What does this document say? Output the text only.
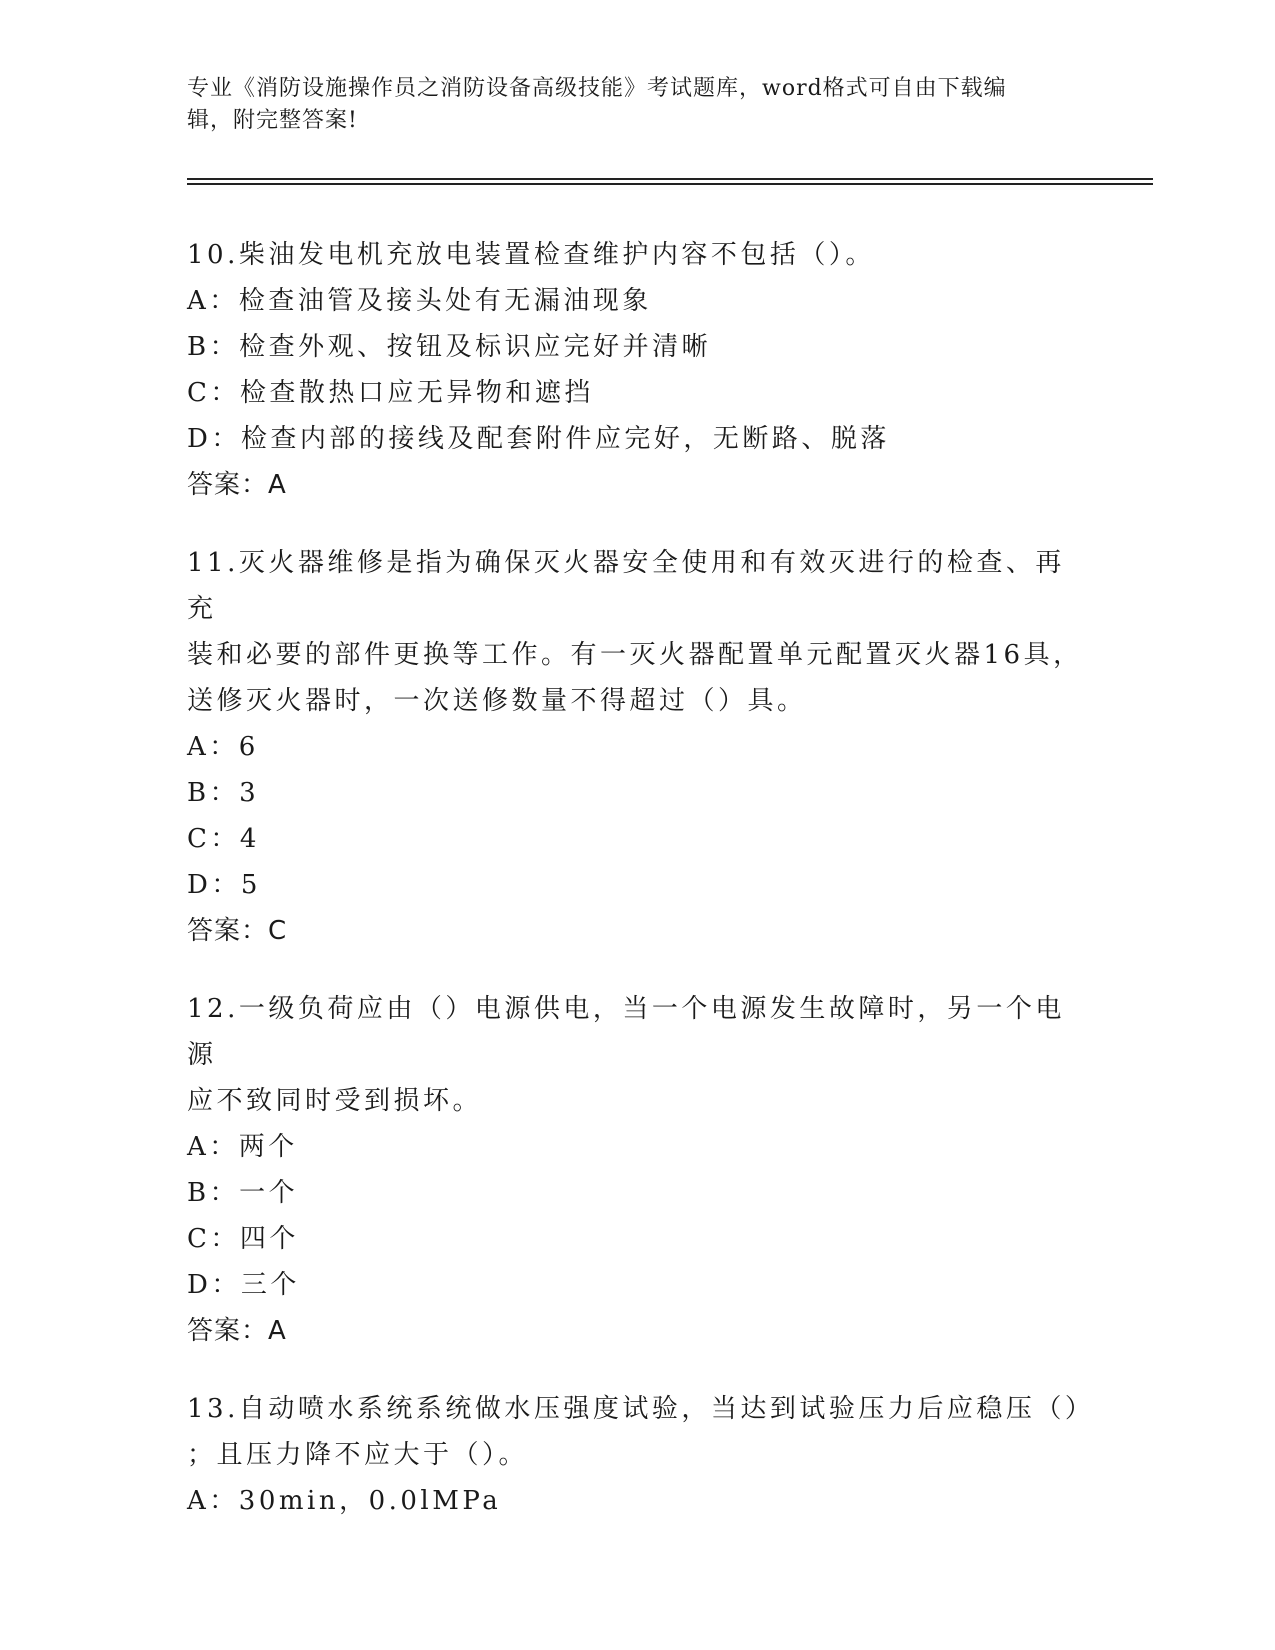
专业《消防设施操作员之消防设备高级技能》考试题库，word格式可自由下载编
辑，附完整答案!

10.柴油发电机充放电装置检查维护内容不包括（）。

A：检查油管及接头处有无漏油现象

B：检查外观、按钮及标识应完好并清晰

C：检查散热口应无异物和遮挡

D：检查内部的接线及配套附件应完好，无断路、脱落

答案：A

11.灭火器维修是指为确保灭火器安全使用和有效灭进行的检查、再充

装和必要的部件更换等工作。有一灭火器配置单元配置灭火器16具，

送修灭火器时，一次送修数量不得超过（）具。

A：6

B：3

C：4

D：5

答案：C

12.一级负荷应由（）电源供电，当一个电源发生故障时，另一个电源

应不致同时受到损坏。

A：两个

B：一个

C：四个

D：三个

答案：A

13.自动喷水系统系统做水压强度试验，当达到试验压力后应稳压（）

；且压力降不应大于（）。

A：30min，0.0lMPa
